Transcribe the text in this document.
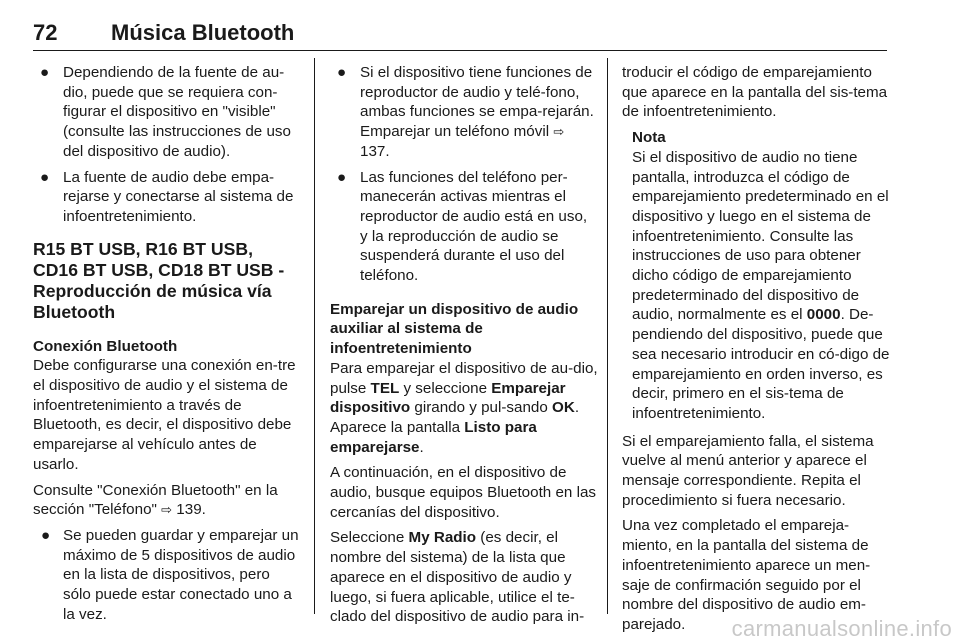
72 Música Bluetooth
● Dependiendo de la fuente de au-dio, puede que se requiera con-figurar el dispositivo en "visible" (consulte las instrucciones de uso del dispositivo de audio).
● La fuente de audio debe empa-rejarse y conectarse al sistema de infoentretenimiento.
R15 BT USB, R16 BT USB, CD16 BT USB, CD18 BT USB - Reproducción de música vía Bluetooth
Conexión Bluetooth

Debe configurarse una conexión en-tre el dispositivo de audio y el sistema de infoentretenimiento a través de Bluetooth, es decir, el dispositivo debe emparejarse al vehículo antes de usarlo.

Consulte "Conexión Bluetooth" en la sección "Teléfono" ⇨ 139.

● Se pueden guardar y emparejar un máximo de 5 dispositivos de audio en la lista de dispositivos, pero sólo puede estar conectado uno a la vez.
● Si el dispositivo tiene funciones de reproductor de audio y telé-fono, ambas funciones se empa-rejarán. Emparejar un teléfono móvil ⇨ 137.
● Las funciones del teléfono per-manecerán activas mientras el reproductor de audio está en uso, y la reproducción de audio se suspenderá durante el uso del teléfono.
Emparejar un dispositivo de audio auxiliar al sistema de infoentretenimiento

Para emparejar el dispositivo de au-dio, pulse TEL y seleccione Emparejar dispositivo girando y pul-sando OK. Aparece la pantalla Listo para emparejarse.

A continuación, en el dispositivo de audio, busque equipos Bluetooth en las cercanías del dispositivo.

Seleccione My Radio (es decir, el nombre del sistema) de la lista que aparece en el dispositivo de audio y luego, si fuera aplicable, utilice el te-clado del dispositivo de audio para in-

troducir el código de emparejamiento que aparece en la pantalla del sis-tema de infoentretenimiento.

Nota
Si el dispositivo de audio no tiene pantalla, introduzca el código de emparejamiento predeterminado en el dispositivo y luego en el sistema de infoentretenimiento. Consulte las instrucciones de uso para obtener dicho código de emparejamiento predeterminado del dispositivo de audio, normalmente es el 0000. De-pendiendo del dispositivo, puede que sea necesario introducir en có-digo de emparejamiento en orden inverso, es decir, primero en el sis-tema de infoentretenimiento.

Si el emparejamiento falla, el sistema vuelve al menú anterior y aparece el mensaje correspondiente. Repita el procedimiento si fuera necesario.

Una vez completado el empareja-miento, en la pantalla del sistema de infoentretenimiento aparece un men-saje de confirmación seguido por el nombre del dispositivo de audio em-parejado.	carmanualsonline.info
